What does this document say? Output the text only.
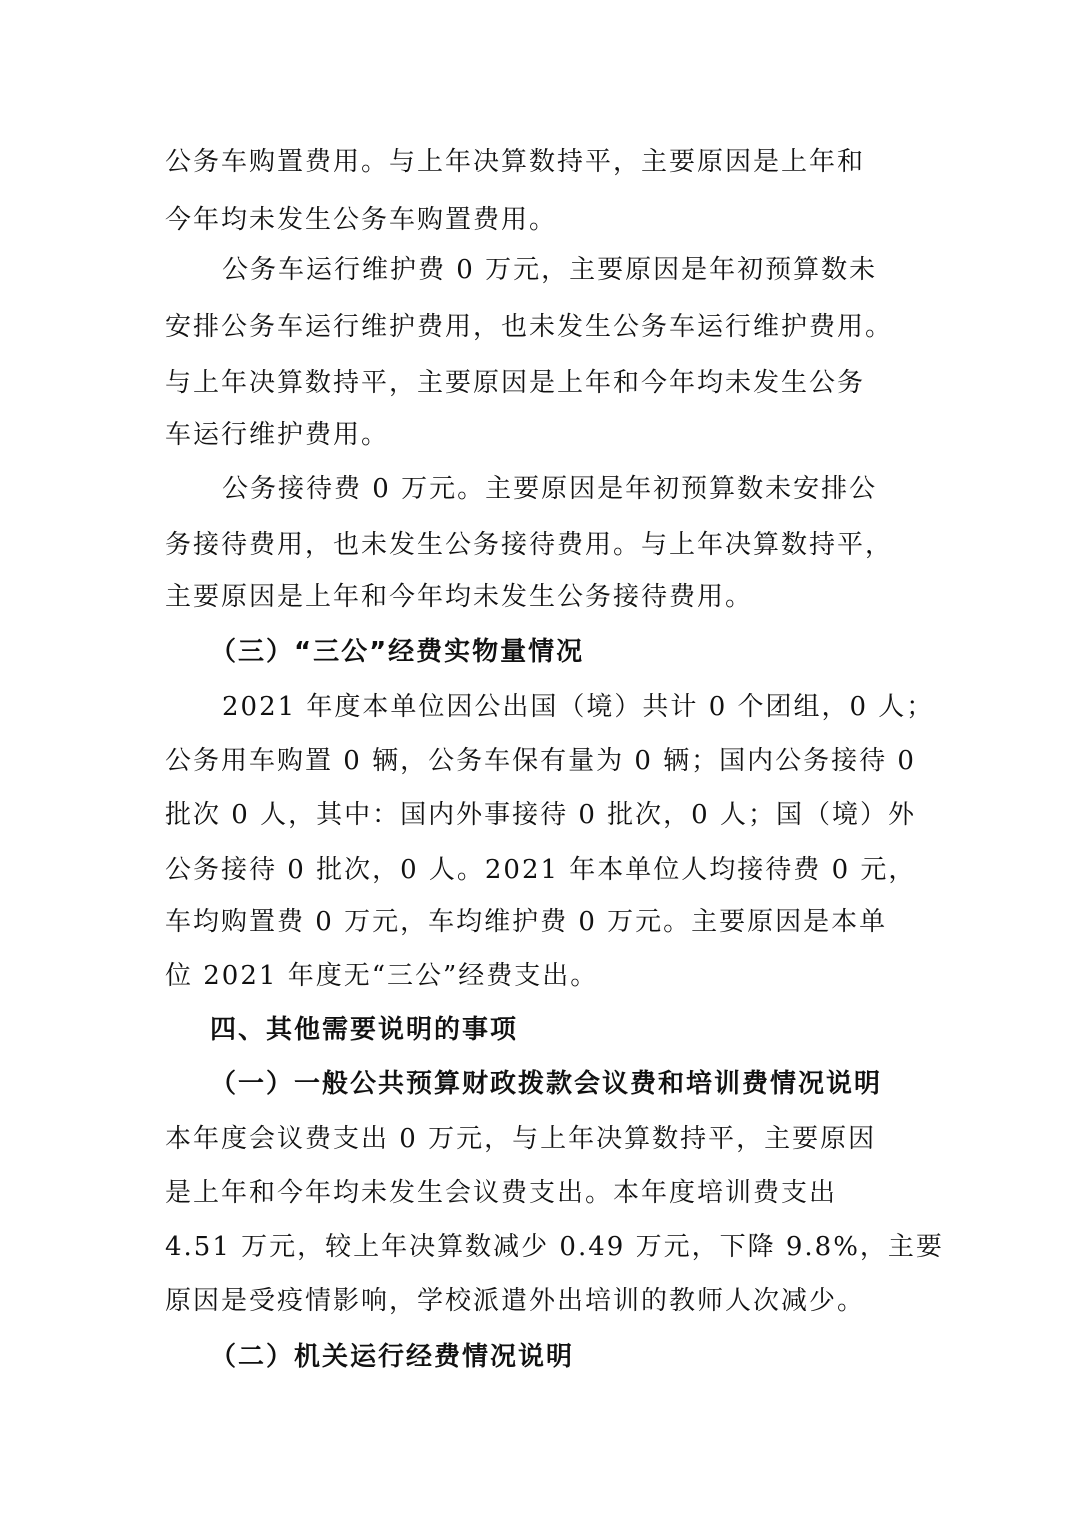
公务车购置费用。与上年决算数持平，主要原因是上年和
今年均未发生公务车购置费用。
公务车运行维护费 0 万元，主要原因是年初预算数未
安排公务车运行维护费用，也未发生公务车运行维护费用。
与上年决算数持平，主要原因是上年和今年均未发生公务
车运行维护费用。
公务接待费 0 万元。主要原因是年初预算数未安排公
务接待费用，也未发生公务接待费用。与上年决算数持平，
主要原因是上年和今年均未发生公务接待费用。
（三）“三公”经费实物量情况
2021 年度本单位因公出国（境）共计 0 个团组，0 人；
公务用车购置 0 辆，公务车保有量为 0 辆；国内公务接待 0
批次 0 人，其中：国内外事接待 0 批次，0 人；国（境）外
公务接待 0 批次，0 人。2021 年本单位人均接待费 0 元，
车均购置费 0 万元，车均维护费 0 万元。主要原因是本单
位 2021 年度无“三公”经费支出。
四、其他需要说明的事项
（一）一般公共预算财政拨款会议费和培训费情况说明
本年度会议费支出 0 万元，与上年决算数持平，主要原因
是上年和今年均未发生会议费支出。本年度培训费支出
4.51 万元，较上年决算数减少 0.49 万元，下降 9.8%，主要
原因是受疫情影响，学校派遣外出培训的教师人次减少。
（二）机关运行经费情况说明
